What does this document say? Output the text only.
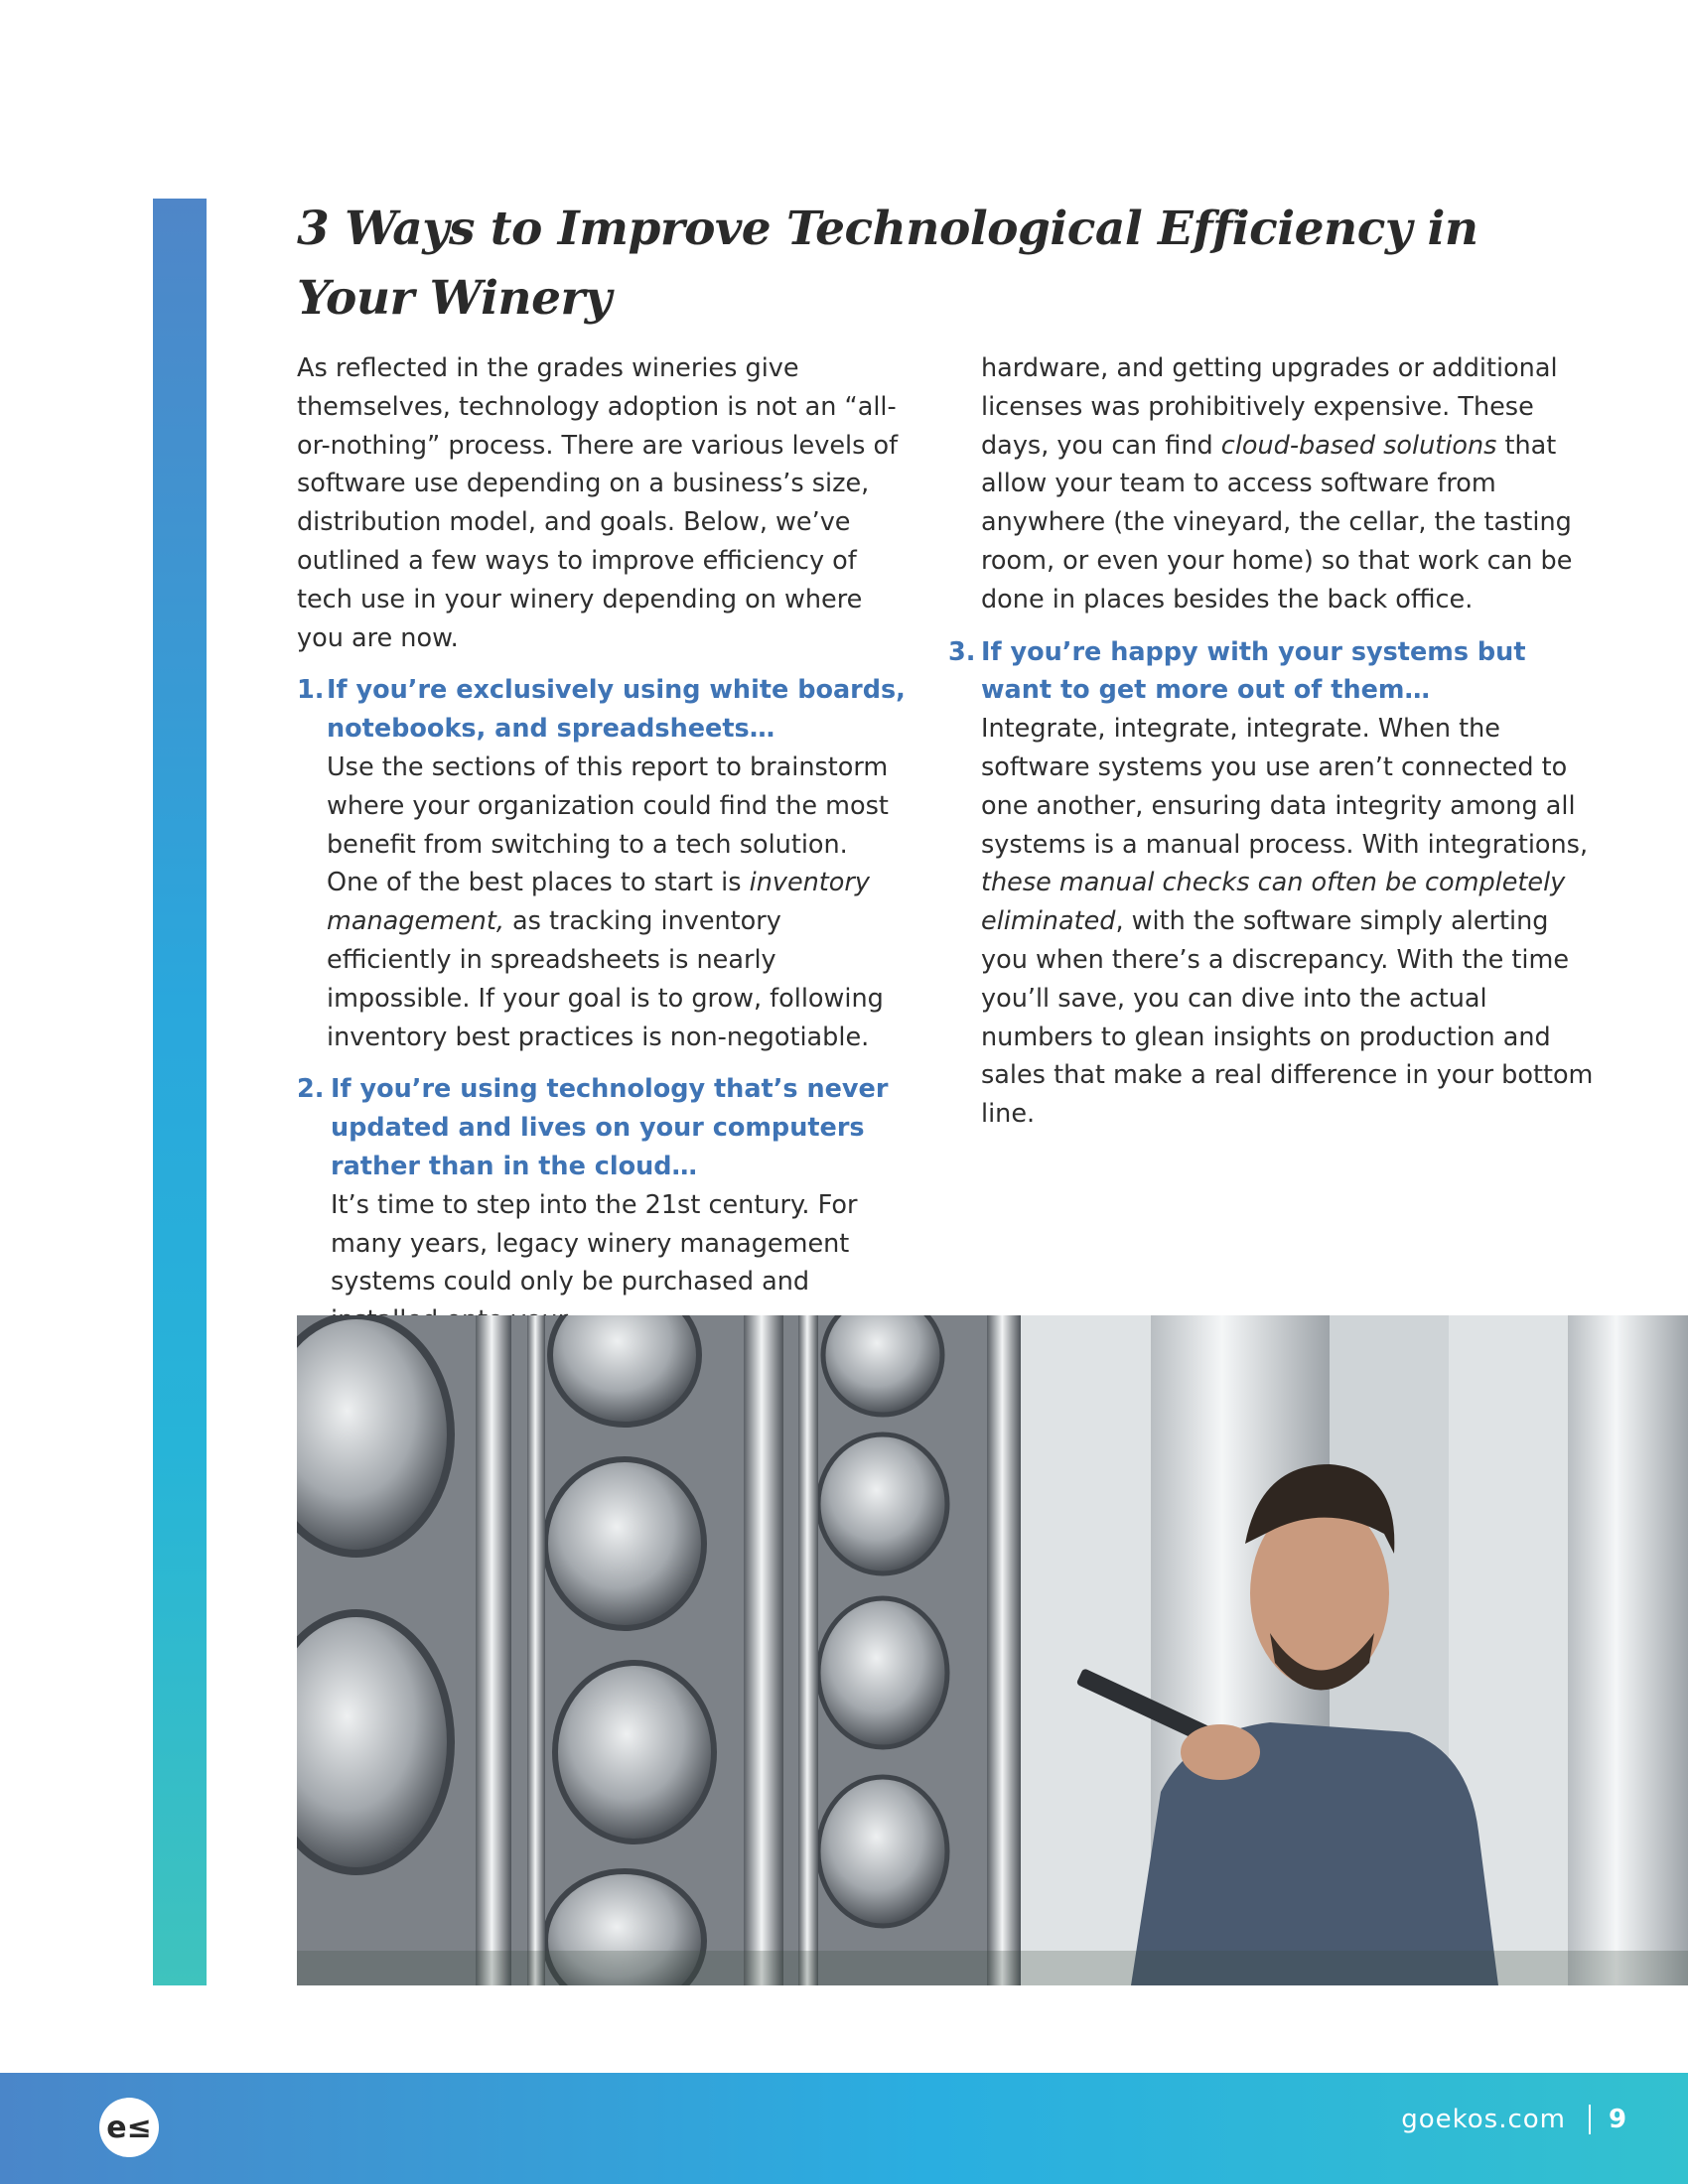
3 Ways to Improve Technological Efficiency in Your Winery

As reflected in the grades wineries give themselves, technology adoption is not an “all-or-nothing” process. There are various levels of software use depending on a business’s size, distribution model, and goals. Below, we’ve outlined a few ways to improve efficiency of tech use in your winery depending on where you are now.

1. If you’re exclusively using white boards, notebooks, and spreadsheets…

Use the sections of this report to brainstorm where your organization could find the most benefit from switching to a tech solution.

One of the best places to start is inventory management, as tracking inventory efficiently in spreadsheets is nearly impossible. If your goal is to grow, following inventory best practices is non-negotiable.

2. If you’re using technology that’s never updated and lives on your computers rather than in the cloud…

It’s time to step into the 21st century. For many years, legacy winery management systems could only be purchased and

hardware, and getting upgrades or additional licenses was prohibitively expensive. These days, you can find cloud-based solutions that allow your team to access software from anywhere (the vineyard, the cellar, the tasting room, or even your home) so that work can be done in places besides the back office.

3. If you’re happy with your systems but want to get more out of them…

Integrate, integrate, integrate. When the software systems you use aren’t connected to one another, ensuring data integrity among all systems is a manual process. With integrations, these manual checks can often be completely eliminated, with the software simply alerting you when there’s a discrepancy. With the time you’ll save, you can dive into the actual numbers to glean insights on production and sales that make a real difference in your bottom line.

e≤	goekos.com 9
